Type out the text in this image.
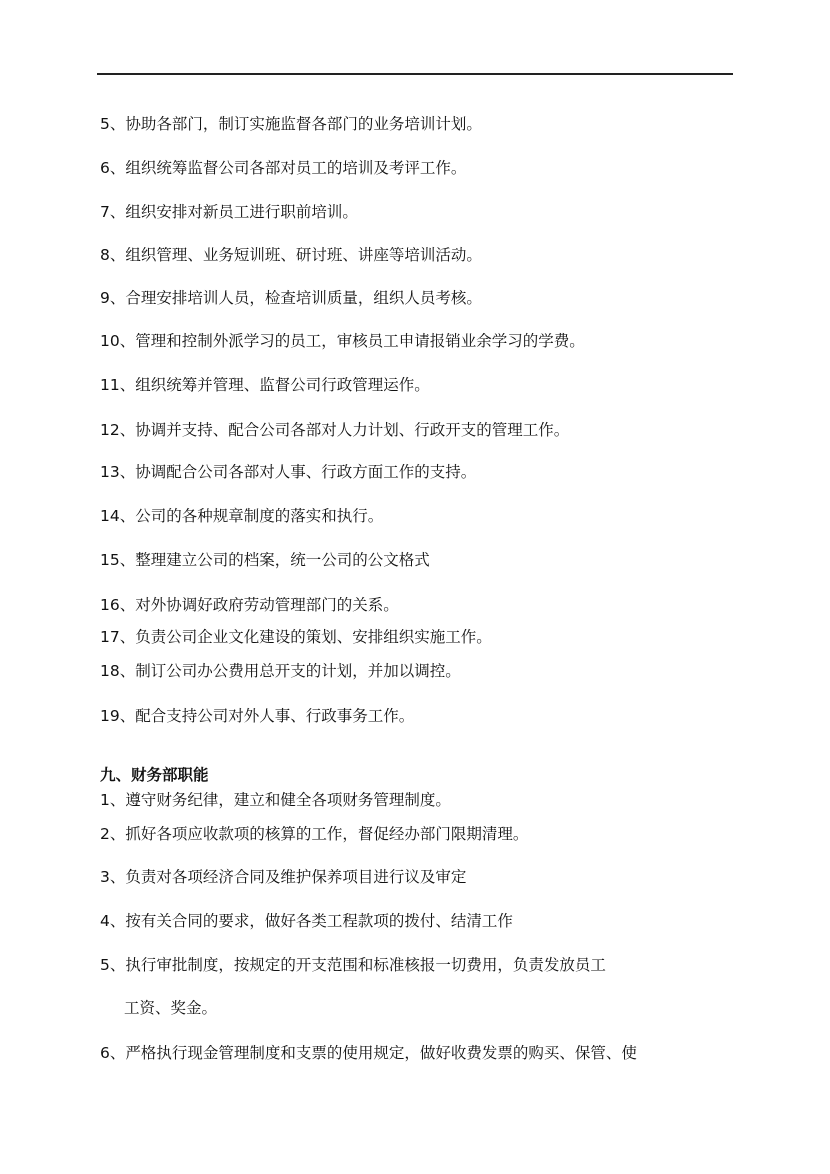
5、协助各部门，制订实施监督各部门的业务培训计划。
6、组织统筹监督公司各部对员工的培训及考评工作。
7、组织安排对新员工进行职前培训。
8、组织管理、业务短训班、研讨班、讲座等培训活动。
9、合理安排培训人员，检查培训质量，组织人员考核。
10、管理和控制外派学习的员工，审核员工申请报销业余学习的学费。
11、组织统筹并管理、监督公司行政管理运作。
12、协调并支持、配合公司各部对人力计划、行政开支的管理工作。
13、协调配合公司各部对人事、行政方面工作的支持。
14、公司的各种规章制度的落实和执行。
15、整理建立公司的档案，统一公司的公文格式
16、对外协调好政府劳动管理部门的关系。
17、负责公司企业文化建设的策划、安排组织实施工作。
18、制订公司办公费用总开支的计划，并加以调控。
19、配合支持公司对外人事、行政事务工作。
九、财务部职能
1、遵守财务纪律，建立和健全各项财务管理制度。
2、抓好各项应收款项的核算的工作，督促经办部门限期清理。
3、负责对各项经济合同及维护保养项目进行议及审定
4、按有关合同的要求，做好各类工程款项的拨付、结清工作
5、执行审批制度，按规定的开支范围和标准核报一切费用，负责发放员工
工资、奖金。
6、严格执行现金管理制度和支票的使用规定，做好收费发票的购买、保管、使
